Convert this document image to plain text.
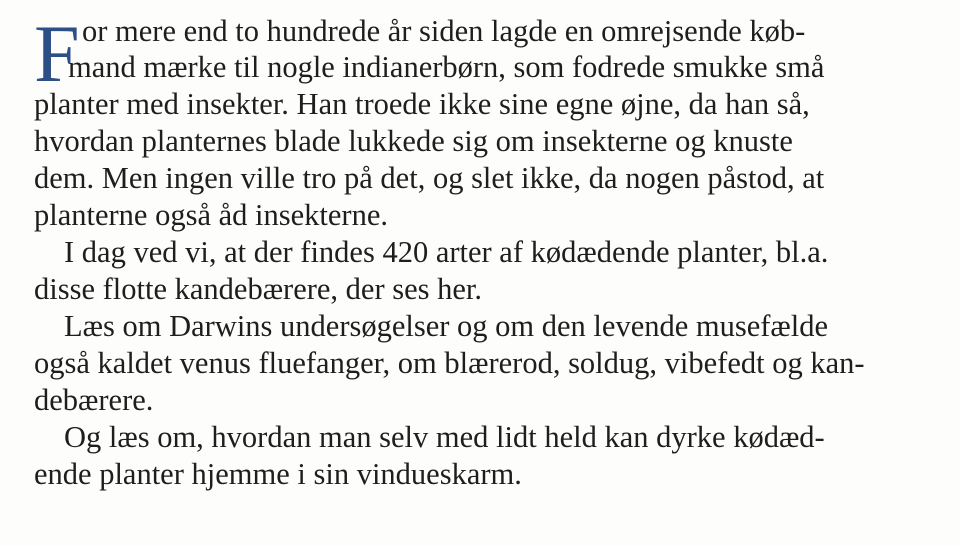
F or mere end to hundrede år siden lagde en omrejsende køb-
mand mærke til nogle indianerbørn, som fodrede smukke små
planter med insekter. Han troede ikke sine egne øjne, da han så,
hvordan planternes blade lukkede sig om insekterne og knuste
dem. Men ingen ville tro på det, og slet ikke, da nogen påstod, at
planterne også åd insekterne.
I dag ved vi, at der findes 420 arter af kødædende planter, bl.a.
disse flotte kandebærere, der ses her.
Læs om Darwins undersøgelser og om den levende musefælde
også kaldet venus fluefanger, om blærerod, soldug, vibefedt og kan-
debærere.
Og læs om, hvordan man selv med lidt held kan dyrke kødæd-
ende planter hjemme i sin vindueskarm.
